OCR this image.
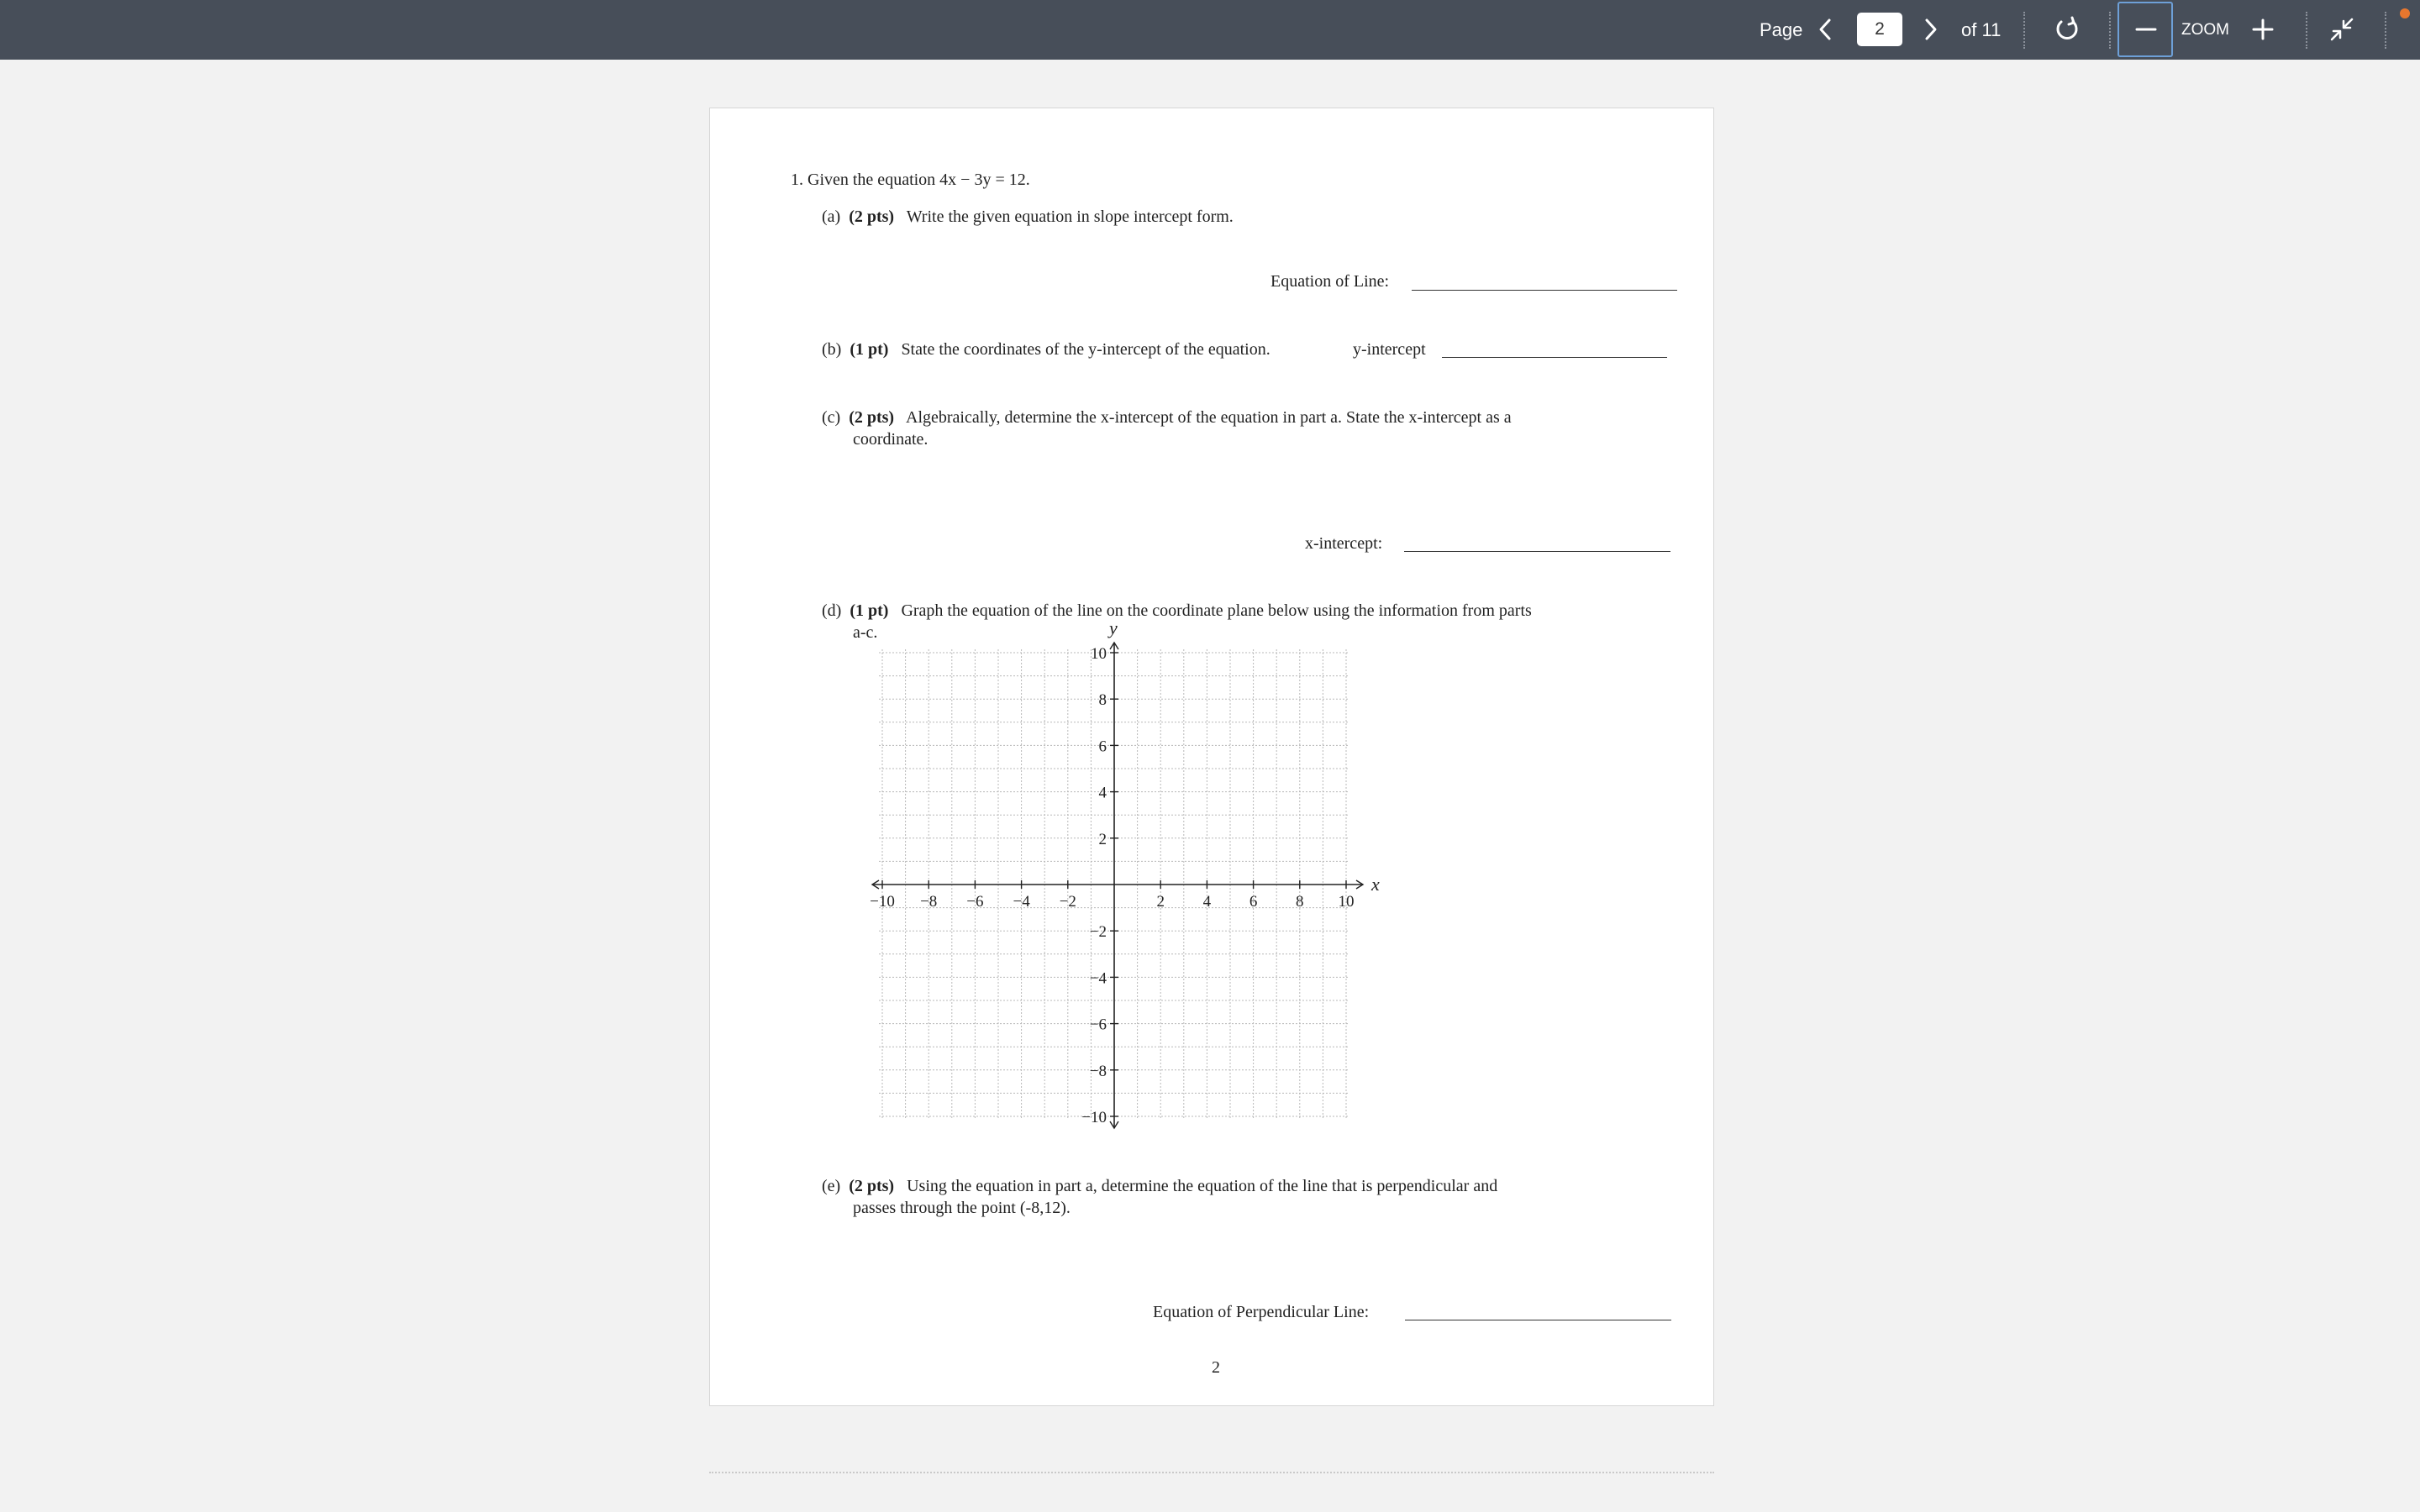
Page
2	of 11	ZOOM
1. Given the equation 4x − 3y = 12.
(a) (2 pts) Write the given equation in slope intercept form.
Equation of Line:
(b) (1 pt) State the coordinates of the y-intercept of the equation.	y-intercept
(c) (2 pts) Algebraically, determine the x-intercept of the equation in part a. State the x-intercept as a
coordinate.
x-intercept:
(d) (1 pt) Graph the equation of the line on the coordinate plane below using the information from parts
a-c.
x
y
−10 −8 −6 −4 −2	2 4 6 8 10
−10
−8
−6
−4
−2
2
4
6
8
10
(e) (2 pts) Using the equation in part a, determine the equation of the line that is perpendicular and
passes through the point (-8,12).
Equation of Perpendicular Line:
2
